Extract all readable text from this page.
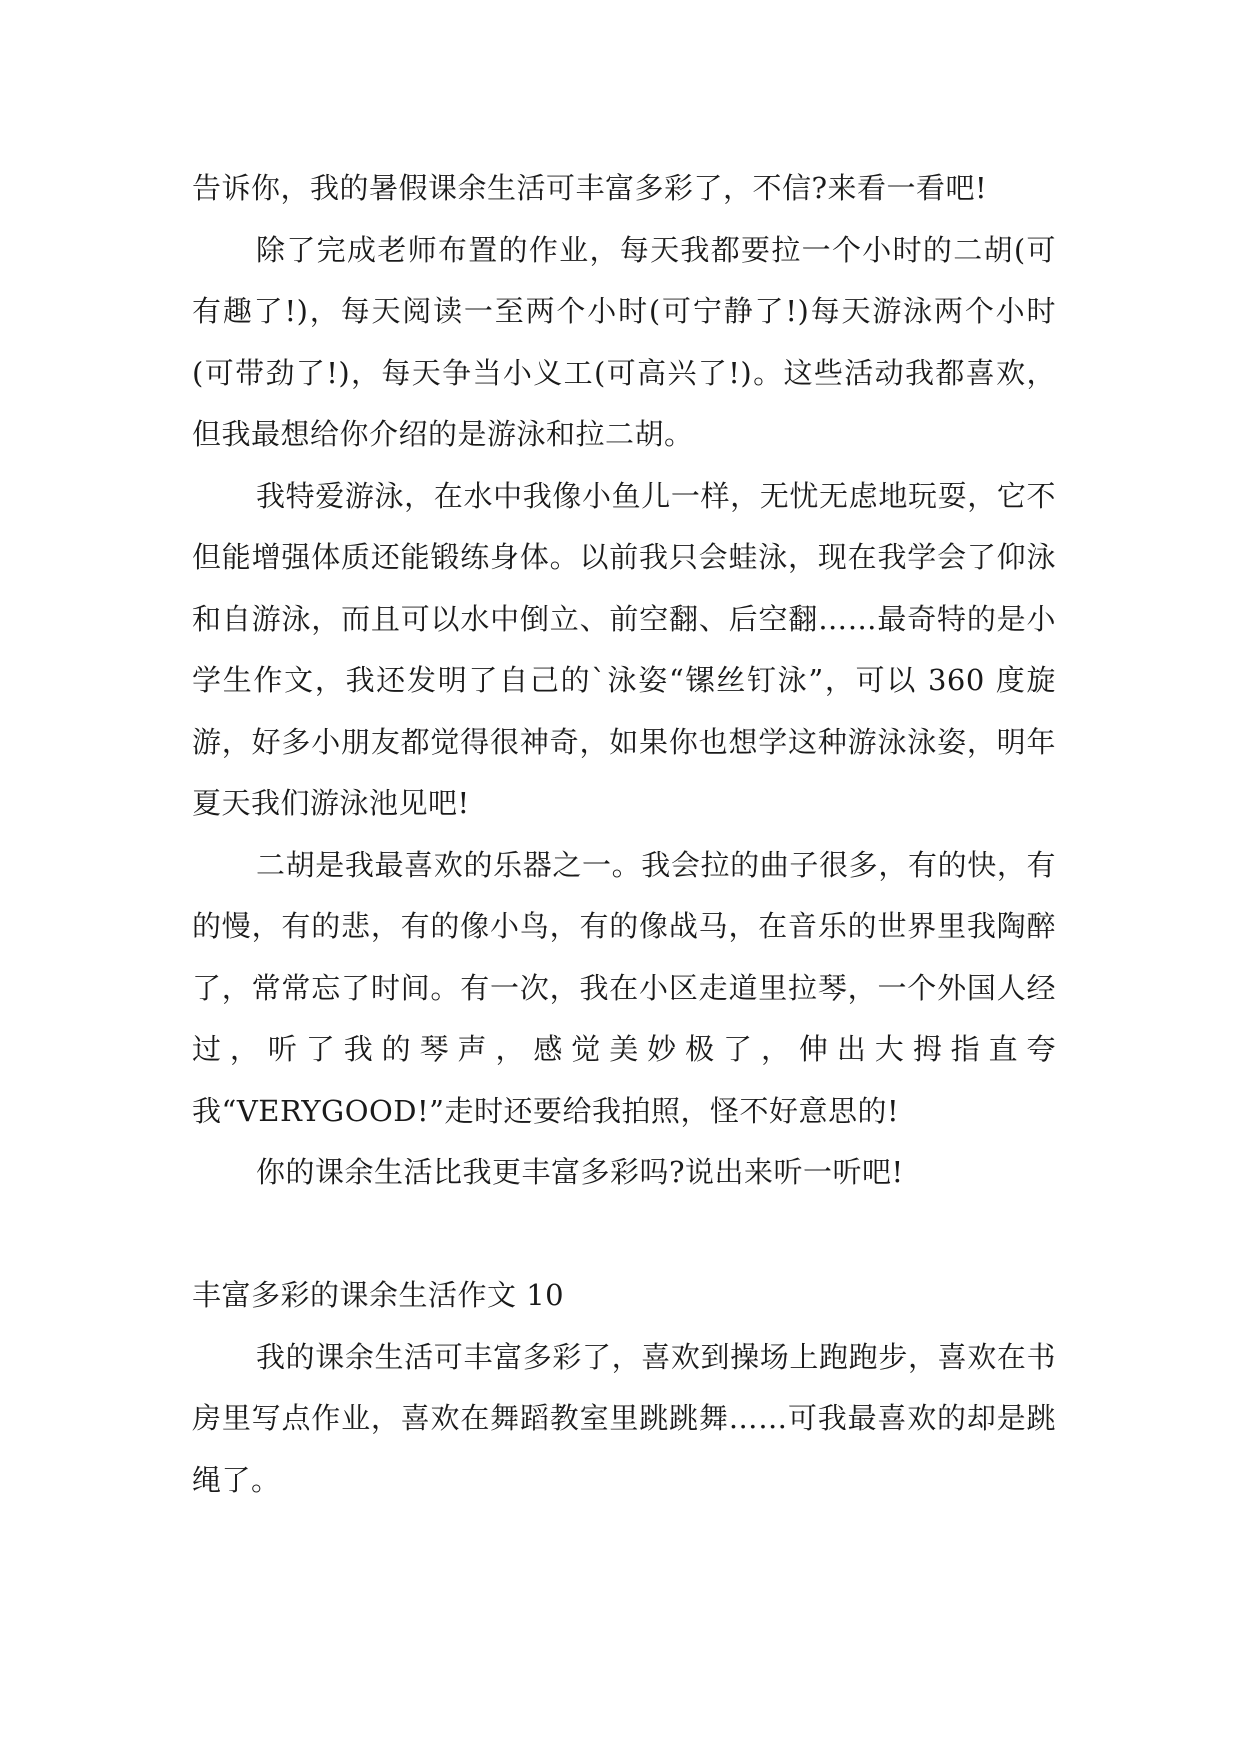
告诉你，我的暑假课余生活可丰富多彩了，不信?来看一看吧!

除了完成老师布置的作业，每天我都要拉一个小时的二胡(可有趣了!)，每天阅读一至两个小时(可宁静了!)每天游泳两个小时(可带劲了!)，每天争当小义工(可高兴了!)。这些活动我都喜欢，但我最想给你介绍的是游泳和拉二胡。

我特爱游泳，在水中我像小鱼儿一样，无忧无虑地玩耍，它不但能增强体质还能锻练身体。以前我只会蛙泳，现在我学会了仰泳和自游泳，而且可以水中倒立、前空翻、后空翻……最奇特的是小学生作文，我还发明了自己的`泳姿“镙丝钉泳”，可以 360 度旋游，好多小朋友都觉得很神奇，如果你也想学这种游泳泳姿，明年夏天我们游泳池见吧!

二胡是我最喜欢的乐器之一。我会拉的曲子很多，有的快，有的慢，有的悲，有的像小鸟，有的像战马，在音乐的世界里我陶醉了，常常忘了时间。有一次，我在小区走道里拉琴，一个外国人经过，听了我的琴声，感觉美妙极了，伸出大拇指直夸我“VERYGOOD!”走时还要给我拍照，怪不好意思的!

你的课余生活比我更丰富多彩吗?说出来听一听吧!

丰富多彩的课余生活作文 10

我的课余生活可丰富多彩了，喜欢到操场上跑跑步，喜欢在书房里写点作业，喜欢在舞蹈教室里跳跳舞……可我最喜欢的却是跳绳了。
